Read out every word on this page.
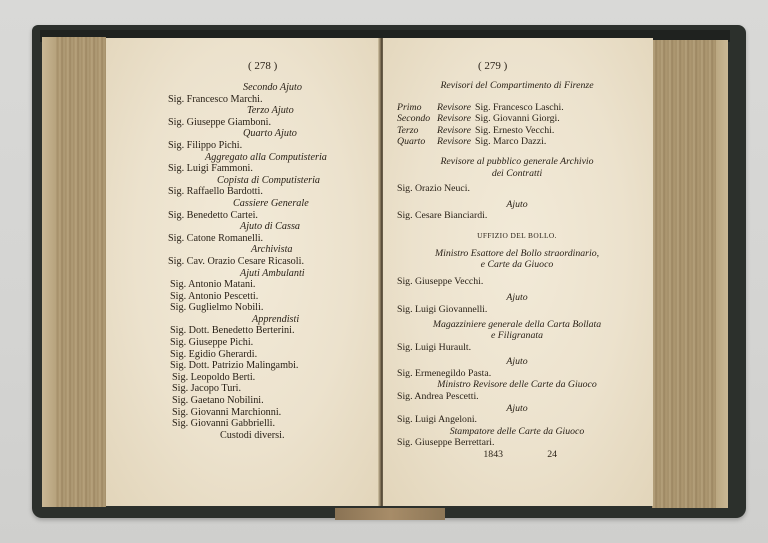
( 278 )
Secondo Ajuto
Sig. Francesco Marchi.
Terzo Ajuto
Sig. Giuseppe Giamboni.
Quarto Ajuto
Sig. Filippo Pichi.
Aggregato alla Computisteria
Sig. Luigi Fammoni.
Copista di Computisteria
Sig. Raffaello Bardotti.
Cassiere Generale
Sig. Benedetto Cartei.
Ajuto di Cassa
Sig. Catone Romanelli.
Archivista
Sig. Cav. Orazio Cesare Ricasoli.
Ajuti Ambulanti
Sig. Antonio Matani.
Sig. Antonio Pescetti.
Sig. Guglielmo Nobili.
Apprendisti
Sig. Dott. Benedetto Berterini.
Sig. Giuseppe Pichi.
Sig. Egidio Gherardi.
Sig. Dott. Patrizio Malingambi.
Sig. Leopoldo Berti.
Sig. Jacopo Turi.
Sig. Gaetano Nobilini.
Sig. Giovanni Marchionni.
Sig. Giovanni Gabbrielli.
Custodi diversi.
( 279 )
Revisori del Compartimento di Firenze
Primo Revisore Sig. Francesco Laschi.
Secondo Revisore Sig. Giovanni Giorgi.
Terzo Revisore Sig. Ernesto Vecchi.
Quarto Revisore Sig. Marco Dazzi.
Revisore al pubblico generale Archivio
dei Contratti
Sig. Orazio Neuci.
Ajuto
Sig. Cesare Bianciardi.
UFFIZIO DEL BOLLO.
Ministro Esattore del Bollo straordinario,
e Carte da Giuoco
Sig. Giuseppe Vecchi.
Ajuto
Sig. Luigi Giovannelli.
Magazziniere generale della Carta Bollata
e Filigranata
Sig. Luigi Hurault.
Ajuto
Sig. Ermenegildo Pasta.
Ministro Revisore delle Carte da Giuoco
Sig. Andrea Pescetti.
Ajuto
Sig. Luigi Angeloni.
Stampatore delle Carte da Giuoco
Sig. Giuseppe Berrettari.
1843	24
